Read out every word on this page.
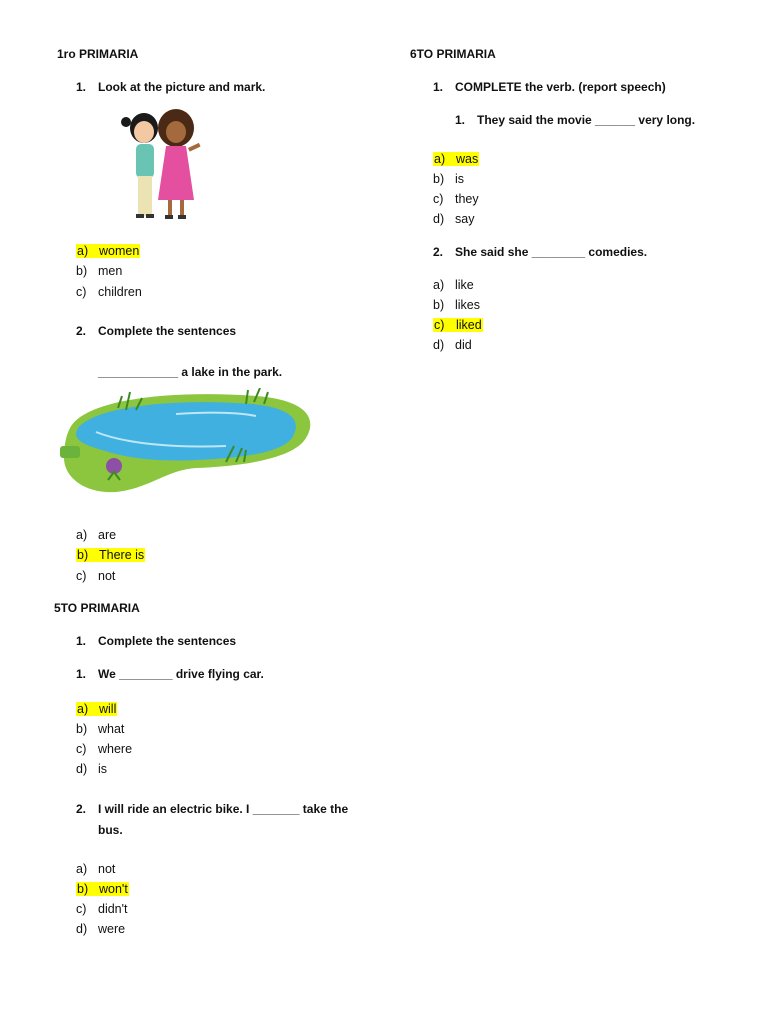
1ro PRIMARIA
1. Look at the picture and mark.
a) women
b) men
c) children
2. Complete the sentences
____________ a lake in the park.
a) are
b) There is
c) not
5TO PRIMARIA
1. Complete the sentences
1. We ________ drive flying car.
a) will
b) what
c) where
d) is
2. I will ride an electric bike. I _______ take the
bus.
a) not
b) won't
c) didn't
d) were
6TO PRIMARIA
1. COMPLETE the verb. (report speech)
1. They said the movie ______ very long.
a) was
b) is
c) they
d) say
2. She said she ________ comedies.
a) like
b) likes
c) liked
d) did
